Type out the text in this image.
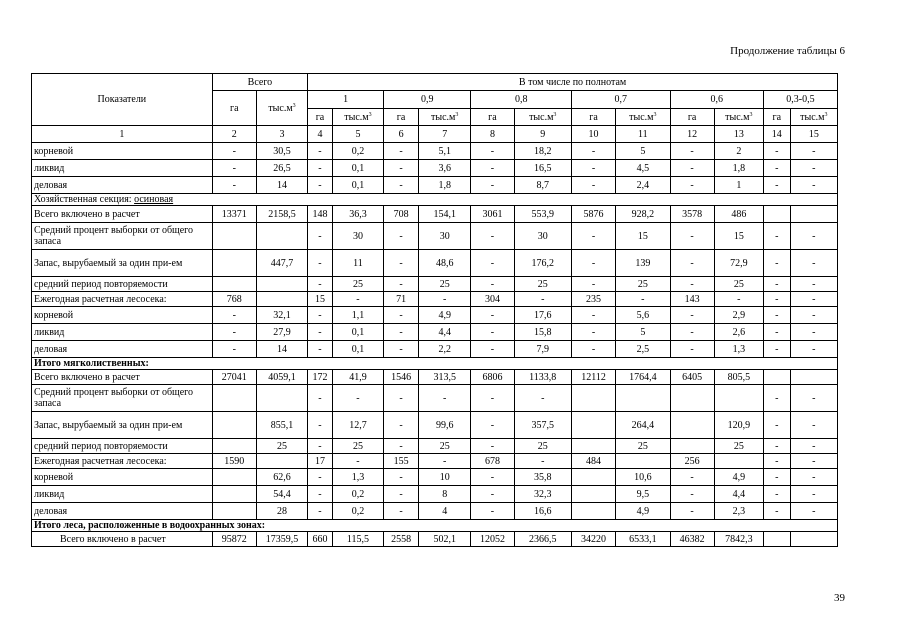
Продолжение таблицы 6
Показатели	Всего		В том числе по полнотам											
	га	$тыс.м^3$	1		0,9		0,8		0,7		0,6		0,3-0,5	
			га	$тыс.м^3$	га	$тыс.м^3$	га	$тыс.м^3$	га	$тыс.м^3$	га	$тыс.м^3$	га	$тыс.м^3$
1	2	3	4	5	6	7	8	9	10	11	12	13	14	15
корневой	-	30,5	-	0,2	-	5,1	-	18,2	-	5	-	2	-	-
ликвид	-	26,5	-	0,1	-	3,6	-	16,5	-	4,5	-	1,8	-	-
деловая	-	14	-	0,1	-	1,8	-	8,7	-	2,4	-	1	-	-
Хозяйственная секция: осиновая														
Всего включено в расчет	13371	2158,5	148	36,3	708	154,1	3061	553,9	5876	928,2	3578	486		
Средний процент выборки от общего запаса			-	30	-	30	-	30	-	15	-	15	-	-
Запас, вырубаемый за один при-ем		447,7	-	11	-	48,6	-	176,2	-	139	-	72,9	-	-
средний период повторяемости			-	25	-	25	-	25	-	25	-	25	-	-
Ежегодная расчетная лесосека:	768		15	-	71	-	304	-	235	-	143	-	-	-
корневой	-	32,1	-	1,1	-	4,9	-	17,6	-	5,6	-	2,9	-	-
ликвид	-	27,9	-	0,1	-	4,4	-	15,8	-	5	-	2,6	-	-
деловая	-	14	-	0,1	-	2,2	-	7,9	-	2,5	-	1,3	-	-
Итого мягколиственных:														
Всего включено в расчет	27041	4059,1	172	41,9	1546	313,5	6806	1133,8	12112	1764,4	6405	805,5		
Средний процент выборки от общего запаса			-	-	-	-	-	-					-	-
Запас, вырубаемый за один при-ем		855,1	-	12,7	-	99,6	-	357,5		264,4		120,9	-	-
средний период повторяемости		25	-	25	-	25	-	25		25		25	-	-
Ежегодная расчетная лесосека:	1590		17	-	155	-	678	-	484		256		-	-
корневой		62,6	-	1,3	-	10	-	35,8		10,6	-	4,9	-	-
ликвид		54,4	-	0,2	-	8	-	32,3		9,5	-	4,4	-	-
деловая		28	-	0,2	-	4	-	16,6		4,9	-	2,3	-	-
Итого леса, расположенные в водоохранных зонах:														
Всего включено в расчет	95872	17359,5	660	115,5	2558	502,1	12052	2366,5	34220	6533,1	46382	7842,3		
39
